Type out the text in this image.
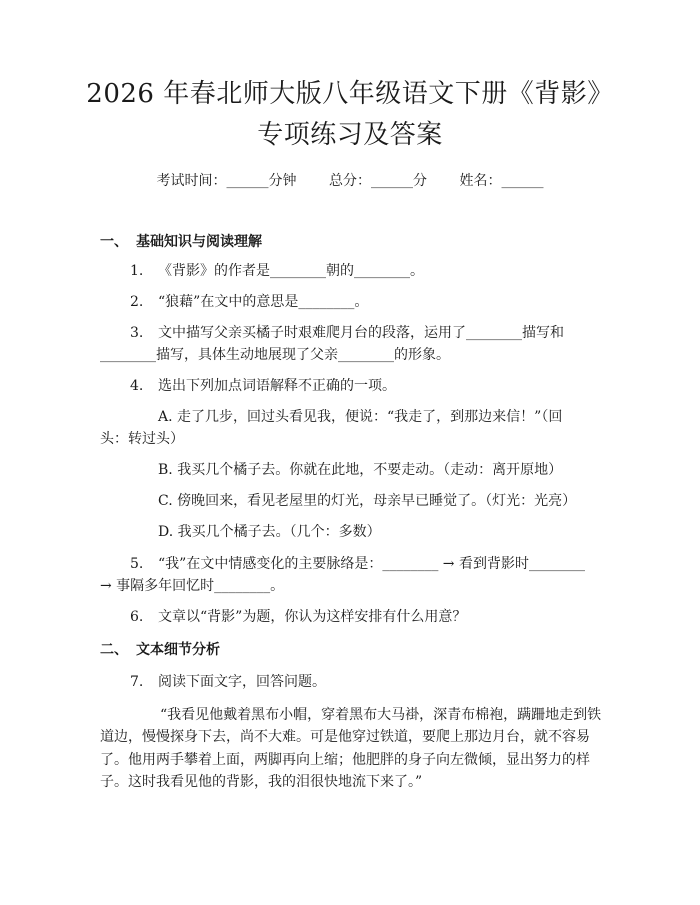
2026 年春北师大版八年级语文下册《背影》
专项练习及答案
考试时间：______分钟 总分：______分 姓名：______
一、 基础知识与阅读理解
1. 《背影》的作者是________朝的________。
2. “狼藉”在文中的意思是________。
3. 文中描写父亲买橘子时艰难爬月台的段落，运用了________描写和
________描写，具体生动地展现了父亲________的形象。
4. 选出下列加点词语解释不正确的一项。
A. 走了几步，回过头看见我，便说：“我走了，到那边来信！”（回
头：转过头）
B. 我买几个橘子去。你就在此地，不要走动。（走动：离开原地）
C. 傍晚回来，看见老屋里的灯光，母亲早已睡觉了。（灯光：光亮）
D. 我买几个橘子去。（几个：多数）
5. “我”在文中情感变化的主要脉络是：________ → 看到背影时________
→ 事隔多年回忆时________。
6. 文章以“背影”为题，你认为这样安排有什么用意？
二、 文本细节分析
7. 阅读下面文字，回答问题。
“我看见他戴着黑布小帽，穿着黑布大马褂，深青布棉袍，蹒跚地走到铁
道边，慢慢探身下去，尚不大难。可是他穿过铁道，要爬上那边月台，就不容易
了。他用两手攀着上面，两脚再向上缩；他肥胖的身子向左微倾，显出努力的样
子。这时我看见他的背影，我的泪很快地流下来了。”
